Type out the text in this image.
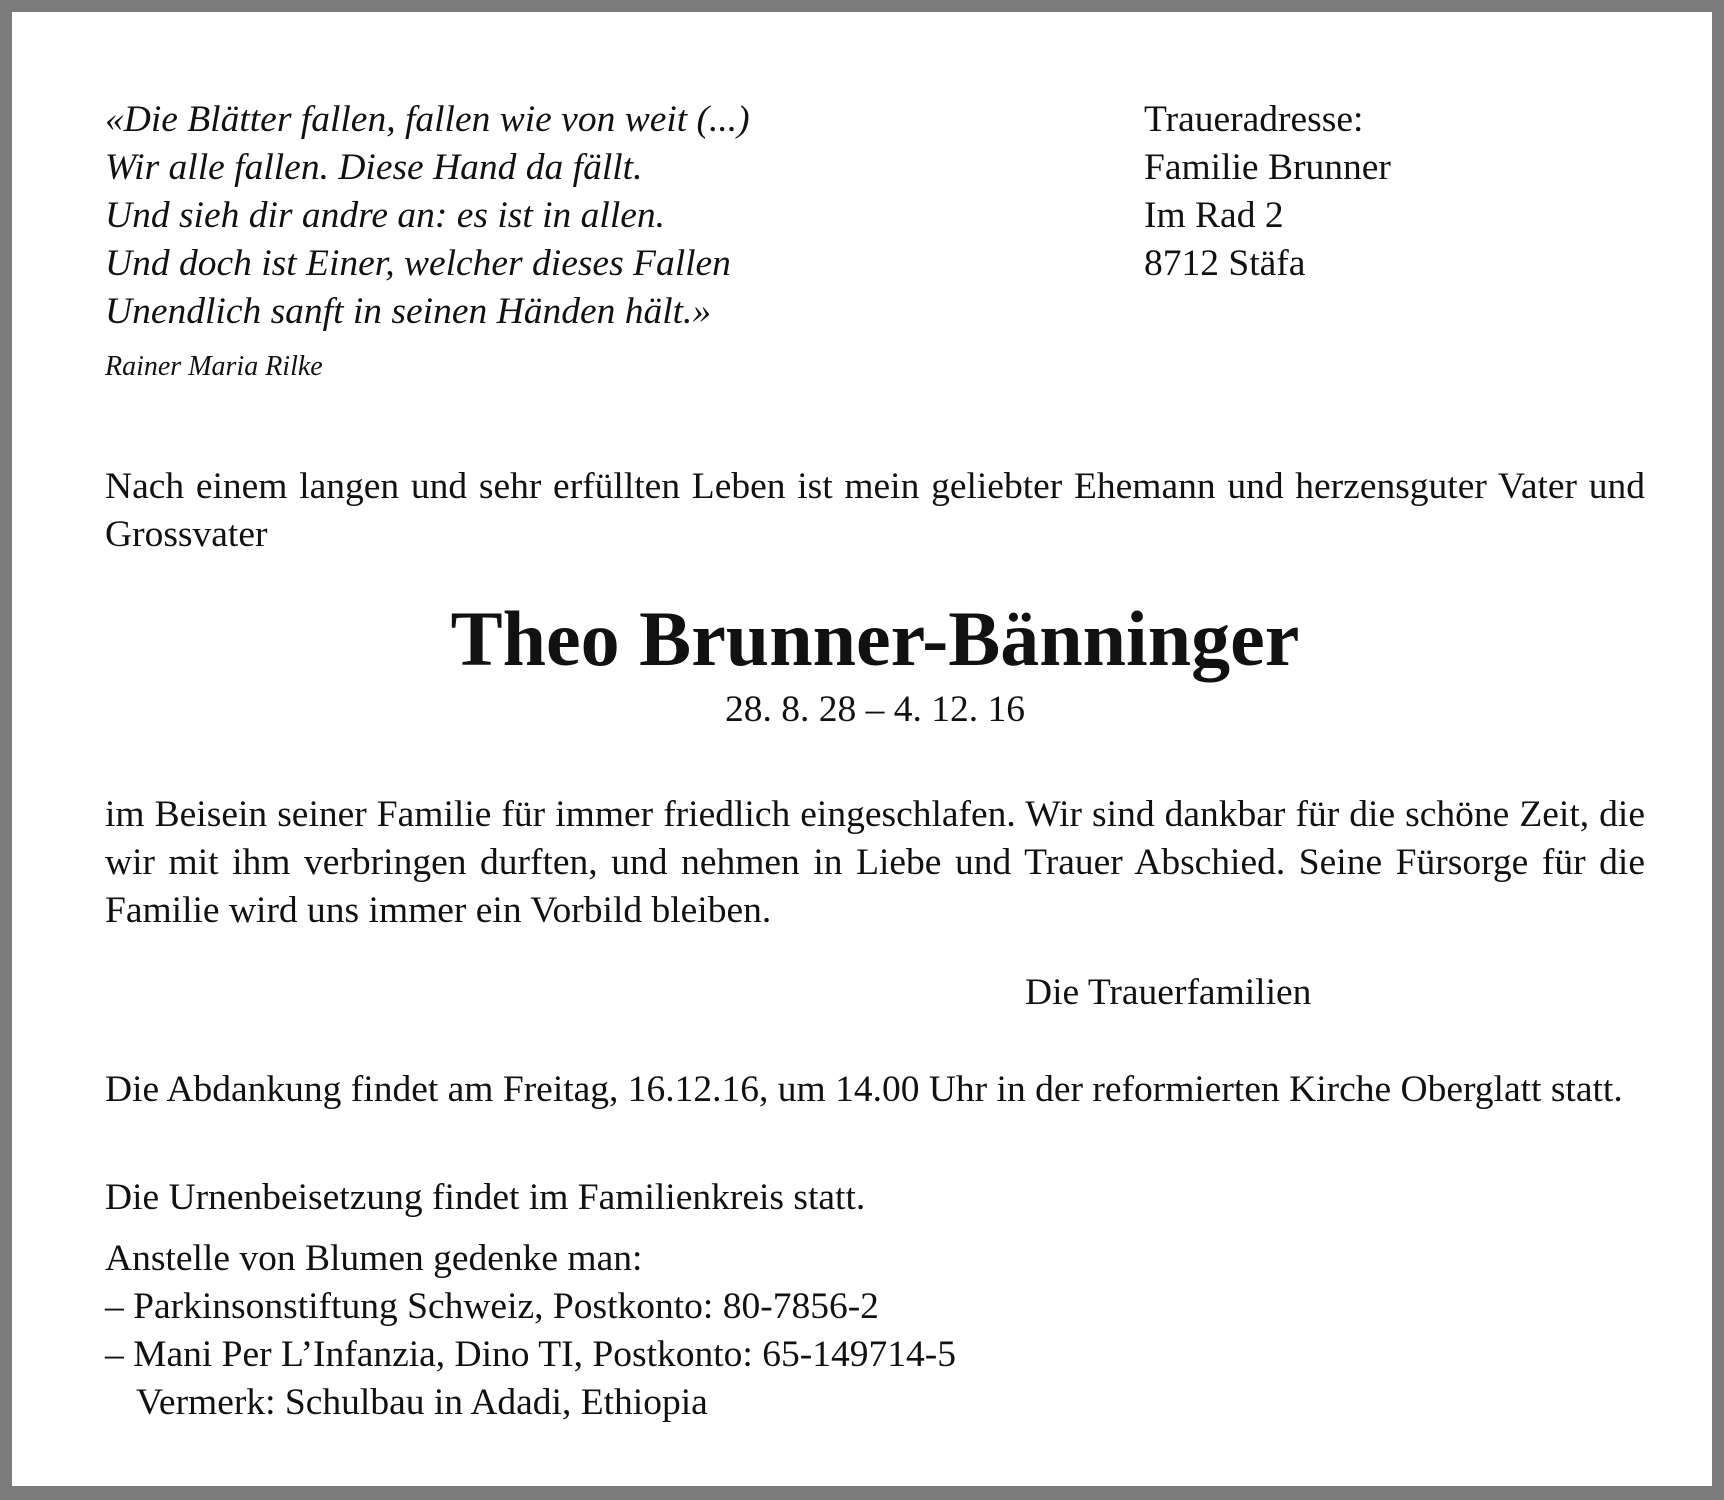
«Die Blätter fallen, fallen wie von weit (...)
Wir alle fallen. Diese Hand da fällt.
Und sieh dir andre an: es ist in allen.
Und doch ist Einer, welcher dieses Fallen
Unendlich sanft in seinen Händen hält.»
Rainer Maria Rilke
Traueradresse:
Familie Brunner
Im Rad 2
8712 Stäfa
Nach einem langen und sehr erfüllten Leben ist mein geliebter Ehemann und herzensguter Vater und Grossvater
Theo Brunner-Bänninger
28. 8. 28 – 4. 12. 16
im Beisein seiner Familie für immer friedlich eingeschlafen. Wir sind dankbar für die schöne Zeit, die wir mit ihm verbringen durften, und nehmen in Liebe und Trauer Abschied. Seine Fürsorge für die Familie wird uns immer ein Vorbild bleiben.
Die Trauerfamilien
Die Abdankung findet am Freitag, 16.12.16, um 14.00 Uhr in der reformierten Kirche Oberglatt statt.
Die Urnenbeisetzung findet im Familienkreis statt.
Anstelle von Blumen gedenke man:
– Parkinsonstiftung Schweiz, Postkonto: 80-7856-2
– Mani Per L’Infanzia, Dino TI, Postkonto: 65-149714-5
Vermerk: Schulbau in Adadi, Ethiopia
